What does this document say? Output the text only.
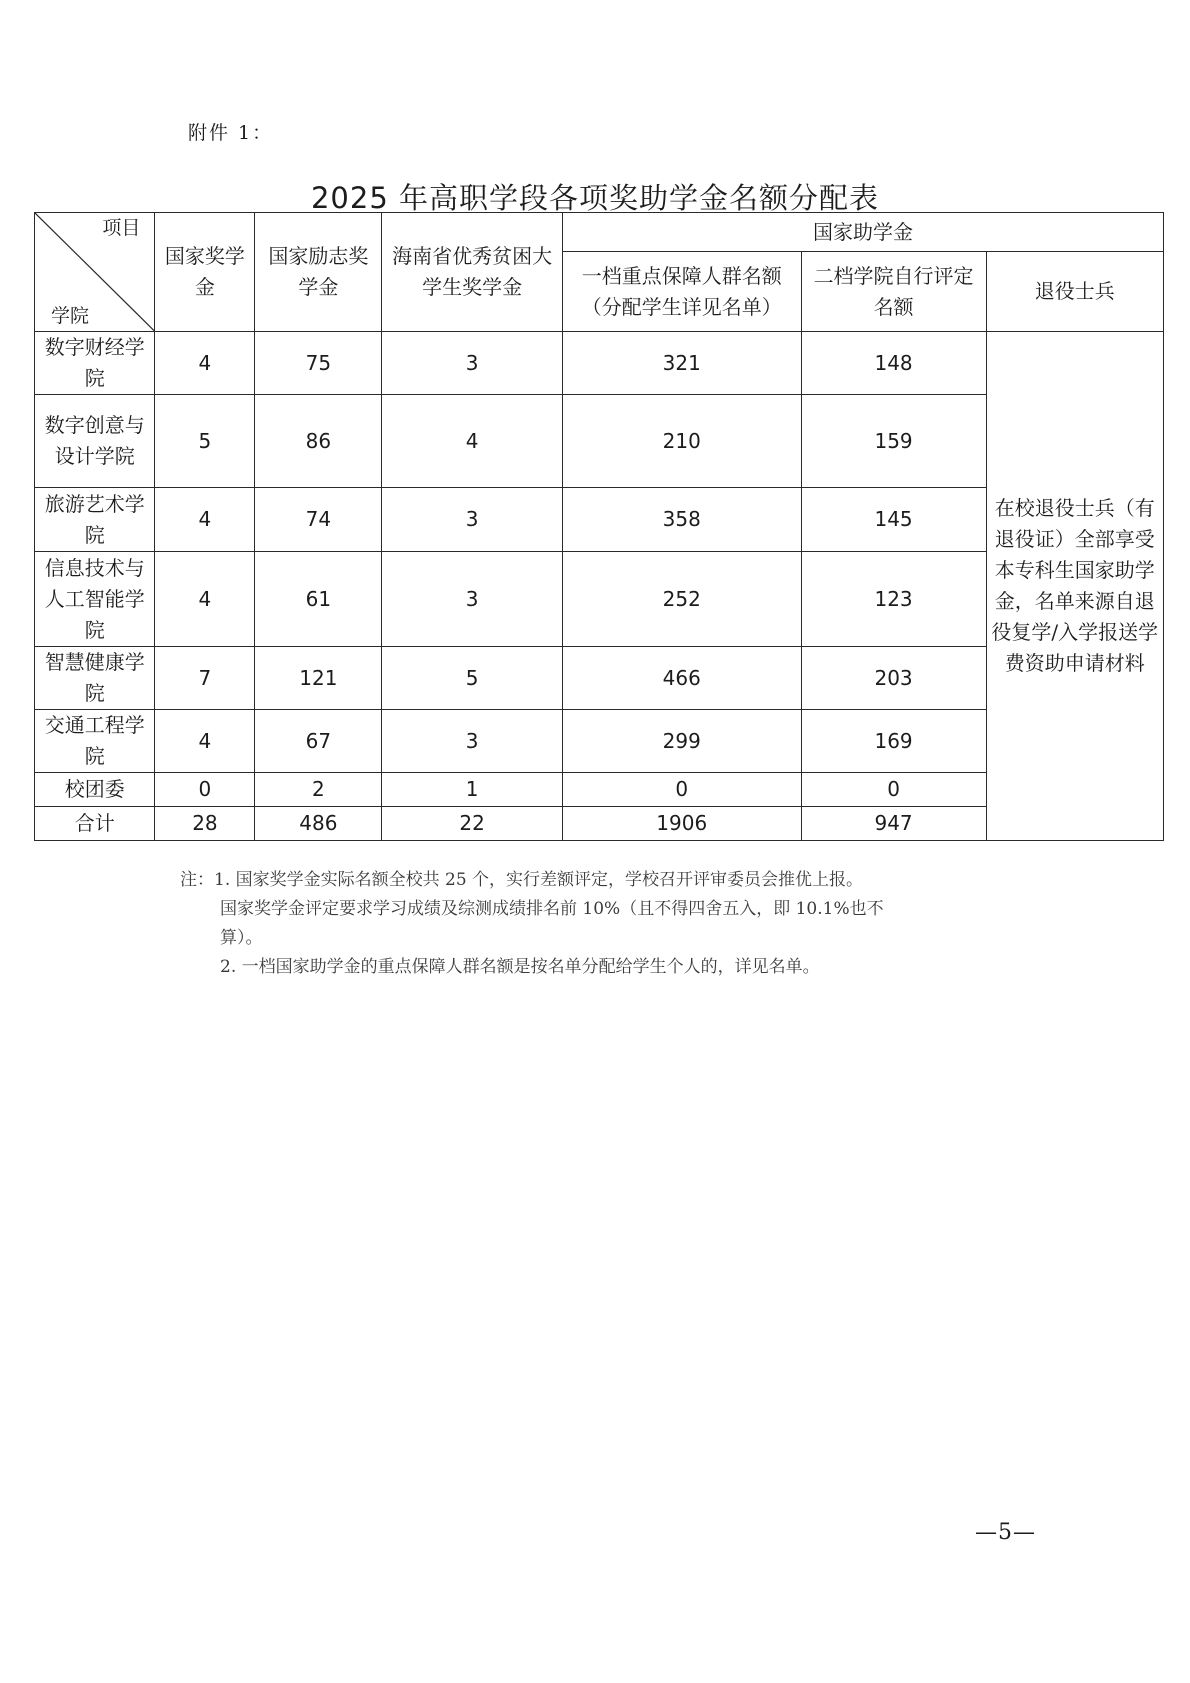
附件 1：
2025 年高职学段各项奖助学金名额分配表
项目
学院	国家奖学金	国家励志奖学金	海南省优秀贫困大学生奖学金	国家助学金		
				一档重点保障人群名额（分配学生详见名单）	二档学院自行评定名额	退役士兵
数字财经学院	4	75	3	321	148	在校退役士兵（有退役证）全部享受本专科生国家助学金，名单来源自退役复学/入学报送学费资助申请材料
数字创意与设计学院	5	86	4	210	159	
旅游艺术学院	4	74	3	358	145	
信息技术与人工智能学院	4	61	3	252	123	
智慧健康学院	7	121	5	466	203	
交通工程学院	4	67	3	299	169	
校团委	0	2	1	0	0	
合计	28	486	22	1906	947	
注：1. 国家奖学金实际名额全校共 25 个，实行差额评定，学校召开评审委员会推优上报。
国家奖学金评定要求学习成绩及综测成绩排名前 10%（且不得四舍五入，即 10.1%也不
算）。
2. 一档国家助学金的重点保障人群名额是按名单分配给学生个人的，详见名单。
—5—
